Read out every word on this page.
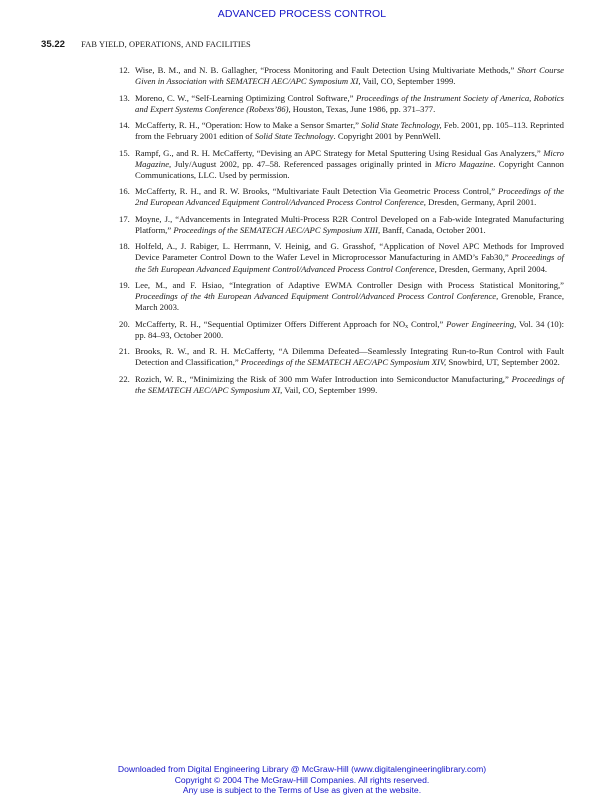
ADVANCED PROCESS CONTROL
35.22 FAB YIELD, OPERATIONS, AND FACILITIES
12. Wise, B. M., and N. B. Gallagher, “Process Monitoring and Fault Detection Using Multivariate Methods,” Short Course Given in Association with SEMATECH AEC/APC Symposium XI, Vail, CO, September 1999.
13. Moreno, C. W., “Self-Learning Optimizing Control Software,” Proceedings of the Instrument Society of America, Robotics and Expert Systems Conference (Robexs’86), Houston, Texas, June 1986, pp. 371–377.
14. McCafferty, R. H., “Operation: How to Make a Sensor Smarter,” Solid State Technology, Feb. 2001, pp. 105–113. Reprinted from the February 2001 edition of Solid State Technology. Copyright 2001 by PennWell.
15. Rampf, G., and R. H. McCafferty, “Devising an APC Strategy for Metal Sputtering Using Residual Gas Analyzers,” Micro Magazine, July/August 2002, pp. 47–58. Referenced passages originally printed in Micro Magazine. Copyright Cannon Communications, LLC. Used by permission.
16. McCafferty, R. H., and R. W. Brooks, “Multivariate Fault Detection Via Geometric Process Control,” Proceedings of the 2nd European Advanced Equipment Control/Advanced Process Control Conference, Dresden, Germany, April 2001.
17. Moyne, J., “Advancements in Integrated Multi-Process R2R Control Developed on a Fab-wide Integrated Manufacturing Platform,” Proceedings of the SEMATECH AEC/APC Symposium XIII, Banff, Canada, October 2001.
18. Holfeld, A., J. Rabiger, L. Herrmann, V. Heinig, and G. Grasshof, “Application of Novel APC Methods for Improved Device Parameter Control Down to the Wafer Level in Microprocessor Manufacturing in AMD’s Fab30,” Proceedings of the 5th European Advanced Equipment Control/Advanced Process Control Conference, Dresden, Germany, April 2004.
19. Lee, M., and F. Hsiao, “Integration of Adaptive EWMA Controller Design with Process Statistical Monitoring,” Proceedings of the 4th European Advanced Equipment Control/Advanced Process Control Conference, Grenoble, France, March 2003.
20. McCafferty, R. H., “Sequential Optimizer Offers Different Approach for $NO_x$ Control,” Power Engineering, Vol. 34 (10): pp. 84–93, October 2000.
21. Brooks, R. W., and R. H. McCafferty, “A Dilemma Defeated—Seamlessly Integrating Run-to-Run Control with Fault Detection and Classification,” Proceedings of the SEMATECH AEC/APC Symposium XIV, Snowbird, UT, September 2002.
22. Rozich, W. R., “Minimizing the Risk of 300 mm Wafer Introduction into Semiconductor Manufacturing,” Proceedings of the SEMATECH AEC/APC Symposium XI, Vail, CO, September 1999.
Downloaded from Digital Engineering Library @ McGraw-Hill (www.digitalengineeringlibrary.com)
Copyright © 2004 The McGraw-Hill Companies. All rights reserved.
Any use is subject to the Terms of Use as given at the website.
